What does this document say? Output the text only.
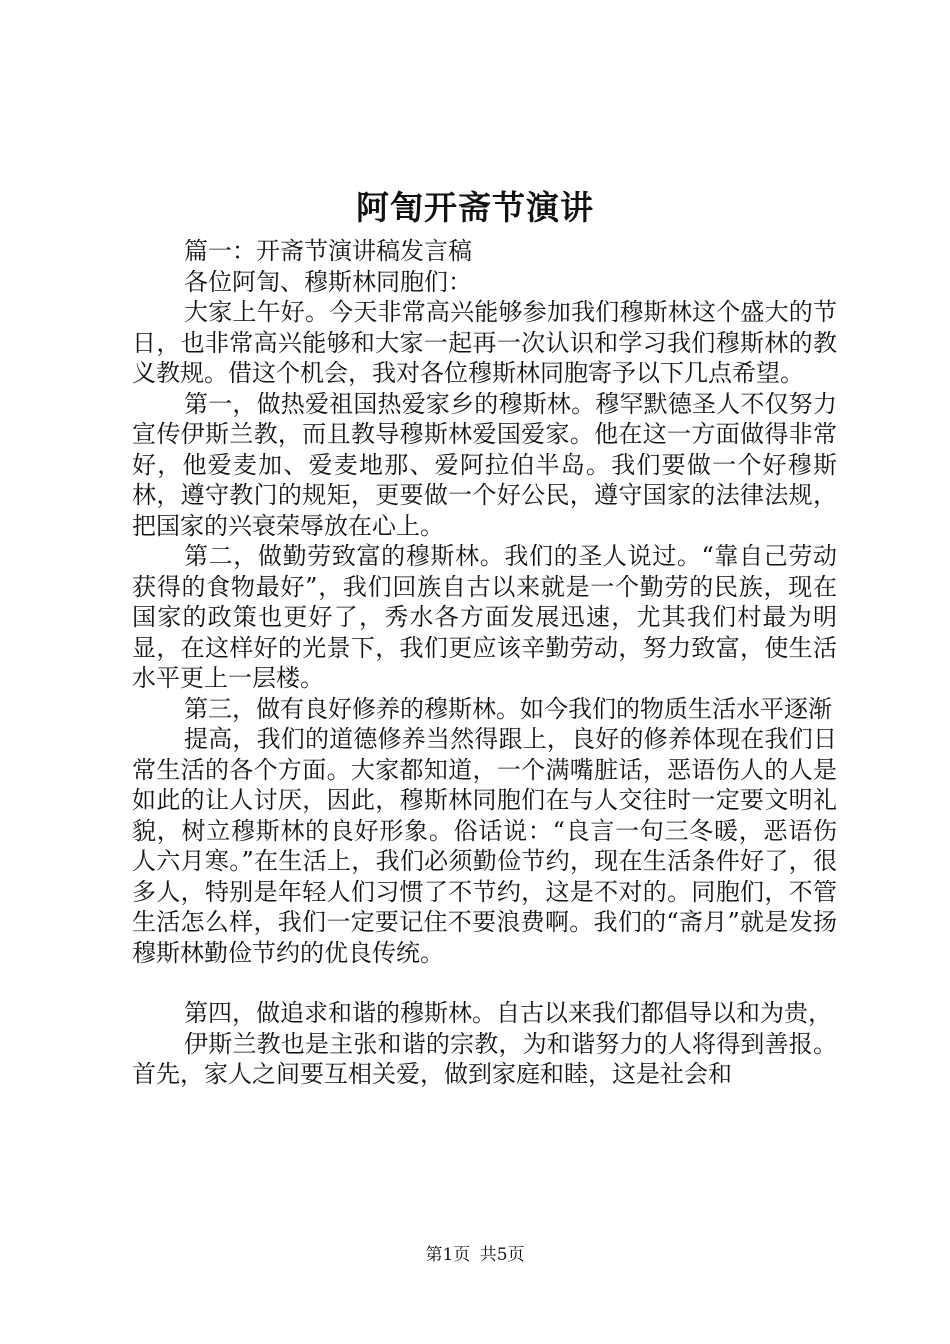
阿訇开斋节演讲

篇一：开斋节演讲稿发言稿

各位阿訇、穆斯林同胞们：

大家上午好。今天非常高兴能够参加我们穆斯林这个盛大的节日，也非常高兴能够和大家一起再一次认识和学习我们穆斯林的教义教规。借这个机会，我对各位穆斯林同胞寄予以下几点希望。

第一，做热爱祖国热爱家乡的穆斯林。穆罕默德圣人不仅努力宣传伊斯兰教，而且教导穆斯林爱国爱家。他在这一方面做得非常好，他爱麦加、爱麦地那、爱阿拉伯半岛。我们要做一个好穆斯林，遵守教门的规矩，更要做一个好公民，遵守国家的法律法规，把国家的兴衰荣辱放在心上。

第二，做勤劳致富的穆斯林。我们的圣人说过。“靠自己劳动获得的食物最好”，我们回族自古以来就是一个勤劳的民族，现在国家的政策也更好了，秀水各方面发展迅速，尤其我们村最为明显，在这样好的光景下，我们更应该辛勤劳动，努力致富，使生活水平更上一层楼。

第三，做有良好修养的穆斯林。如今我们的物质生活水平逐渐

提高，我们的道德修养当然得跟上，良好的修养体现在我们日常生活的各个方面。大家都知道，一个满嘴脏话，恶语伤人的人是如此的让人讨厌，因此，穆斯林同胞们在与人交往时一定要文明礼貌，树立穆斯林的良好形象。俗话说：“良言一句三冬暖，恶语伤人六月寒。”在生活上，我们必须勤俭节约，现在生活条件好了，很多人，特别是年轻人们习惯了不节约，这是不对的。同胞们，不管生活怎么样，我们一定要记住不要浪费啊。我们的“斋月”就是发扬穆斯林勤俭节约的优良传统。

第四，做追求和谐的穆斯林。自古以来我们都倡导以和为贵，

伊斯兰教也是主张和谐的宗教，为和谐努力的人将得到善报。首先，家人之间要互相关爱，做到家庭和睦，这是社会和

第1页 共5页
